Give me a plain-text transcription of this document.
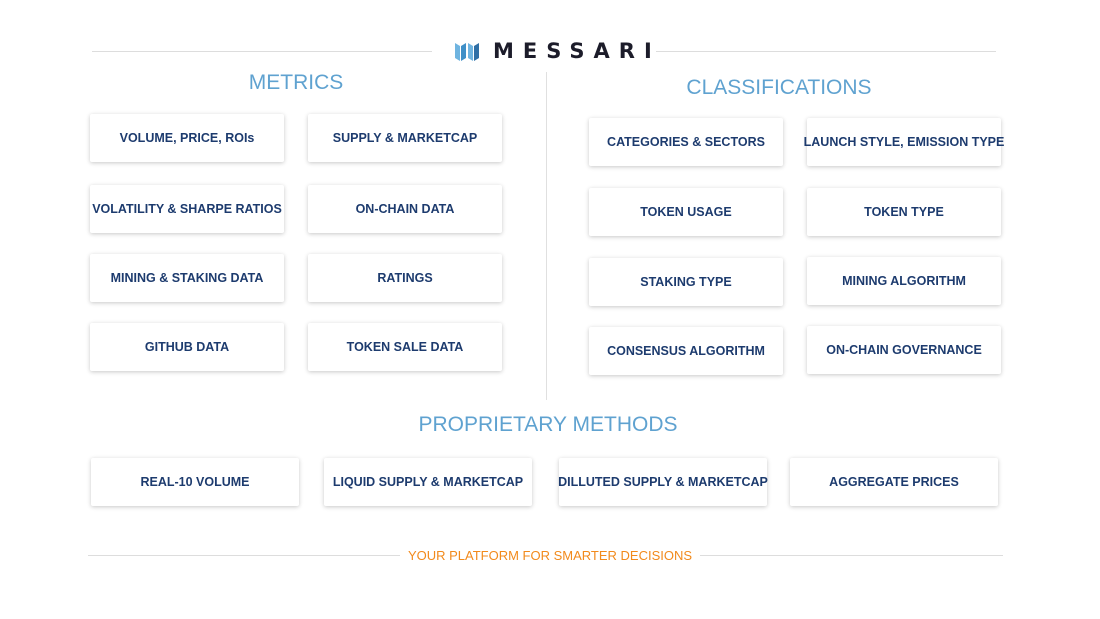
MESSARI
METRICS
VOLUME, PRICE, ROIs	SUPPLY & MARKETCAP
VOLATILITY & SHARPE RATIOS	ON-CHAIN DATA
MINING & STAKING DATA	RATINGS
GITHUB DATA	TOKEN SALE DATA
CLASSIFICATIONS
CATEGORIES & SECTORS	LAUNCH STYLE, EMISSION TYPE
TOKEN USAGE	TOKEN TYPE
STAKING TYPE	MINING ALGORITHM
CONSENSUS ALGORITHM	ON-CHAIN GOVERNANCE
PROPRIETARY METHODS
REAL-10 VOLUME	LIQUID SUPPLY & MARKETCAP	DILLUTED SUPPLY & MARKETCAP	AGGREGATE PRICES
YOUR PLATFORM FOR SMARTER DECISIONS
